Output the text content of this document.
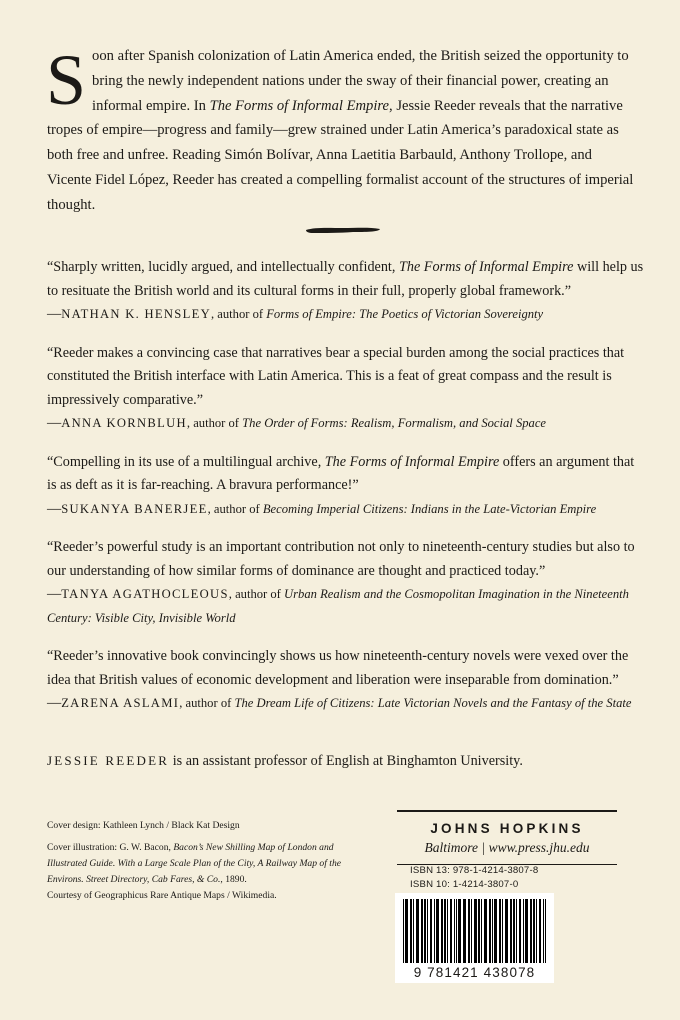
Soon after Spanish colonization of Latin America ended, the British seized the opportunity to bring the newly independent nations under the sway of their financial power, creating an informal empire. In The Forms of Informal Empire, Jessie Reeder reveals that the narrative tropes of empire—progress and family—grew strained under Latin America’s paradoxical state as both free and unfree. Reading Simón Bolívar, Anna Laetitia Barbauld, Anthony Trollope, and Vicente Fidel López, Reeder has created a compelling formalist account of the structures of imperial thought.

“Sharply written, lucidly argued, and intellectually confident, The Forms of Informal Empire will help us to resituate the British world and its cultural forms in their full, properly global framework.”

—NATHAN K. HENSLEY, author of Forms of Empire: The Poetics of Victorian Sovereignty

“Reeder makes a convincing case that narratives bear a special burden among the social practices that constituted the British interface with Latin America. This is a feat of great compass and the result is impressively comparative.”

—ANNA KORNBLUH, author of The Order of Forms: Realism, Formalism, and Social Space

“Compelling in its use of a multilingual archive, The Forms of Informal Empire offers an argument that is as deft as it is far-reaching. A bravura performance!”

—SUKANYA BANERJEE, author of Becoming Imperial Citizens: Indians in the Late-Victorian Empire

“Reeder’s powerful study is an important contribution not only to nineteenth-century studies but also to our understanding of how similar forms of dominance are thought and practiced today.”

—TANYA AGATHOCLEOUS, author of Urban Realism and the Cosmopolitan Imagination in the Nineteenth Century: Visible City, Invisible World

“Reeder’s innovative book convincingly shows us how nineteenth-century novels were vexed over the idea that British values of economic development and liberation were inseparable from domination.”

—ZARENA ASLAMI, author of The Dream Life of Citizens: Late Victorian Novels and the Fantasy of the State

JESSIE REEDER is an assistant professor of English at Binghamton University.

Cover design: Kathleen Lynch / Black Kat Design

Cover illustration: G. W. Bacon, Bacon’s New Shilling Map of London and Illustrated Guide. With a Large Scale Plan of the City, A Railway Map of the Environs. Street Directory, Cab Fares, & Co., 1890.

Courtesy of Geographicus Rare Antique Maps / Wikimedia.

JOHNS HOPKINS
Baltimore | www.press.jhu.edu
ISBN 13: 978-1-4214-3807-8
ISBN 10: 1-4214-3807-0
9 781421 438078
